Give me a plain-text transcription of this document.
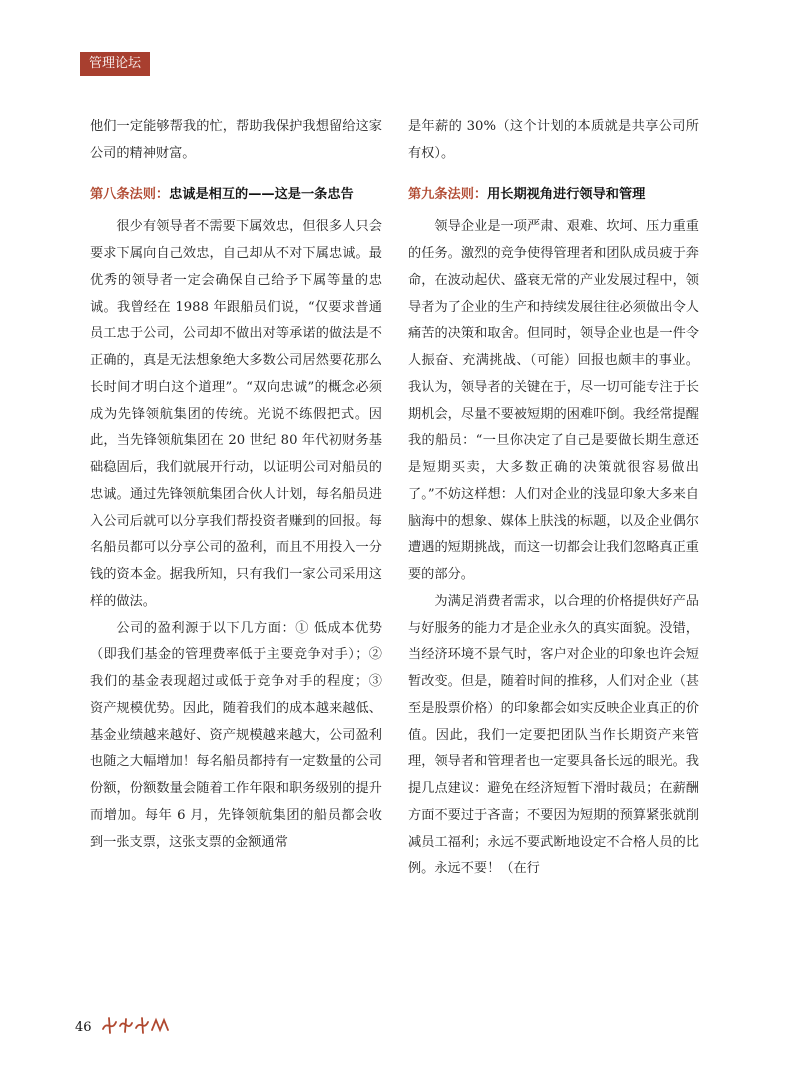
管理论坛

他们一定能够帮我的忙，帮助我保护我想留给这家公司的精神财富。

第八条法则：忠诚是相互的——这是一条忠告

很少有领导者不需要下属效忠，但很多人只会要求下属向自己效忠，自己却从不对下属忠诚。最优秀的领导者一定会确保自己给予下属等量的忠诚。我曾经在 1988 年跟船员们说，“仅要求普通员工忠于公司，公司却不做出对等承诺的做法是不正确的，真是无法想象绝大多数公司居然要花那么长时间才明白这个道理”。“双向忠诚”的概念必须成为先锋领航集团的传统。光说不练假把式。因此，当先锋领航集团在 20 世纪 80 年代初财务基础稳固后，我们就展开行动，以证明公司对船员的忠诚。通过先锋领航集团合伙人计划，每名船员进入公司后就可以分享我们帮投资者赚到的回报。每名船员都可以分享公司的盈利，而且不用投入一分钱的资本金。据我所知，只有我们一家公司采用这样的做法。

公司的盈利源于以下几方面：① 低成本优势（即我们基金的管理费率低于主要竞争对手）；② 我们的基金表现超过或低于竞争对手的程度；③ 资产规模优势。因此，随着我们的成本越来越低、基金业绩越来越好、资产规模越来越大，公司盈利也随之大幅增加！每名船员都持有一定数量的公司份额，份额数量会随着工作年限和职务级别的提升而增加。每年 6 月，先锋领航集团的船员都会收到一张支票，这张支票的金额通常

是年薪的 30%（这个计划的本质就是共享公司所有权）。

第九条法则：用长期视角进行领导和管理

领导企业是一项严肃、艰难、坎坷、压力重重的任务。激烈的竞争使得管理者和团队成员疲于奔命，在波动起伏、盛衰无常的产业发展过程中，领导者为了企业的生产和持续发展往往必须做出令人痛苦的决策和取舍。但同时，领导企业也是一件令人振奋、充满挑战、（可能）回报也颇丰的事业。我认为，领导者的关键在于，尽一切可能专注于长期机会，尽量不要被短期的困难吓倒。我经常提醒我的船员：“一旦你决定了自己是要做长期生意还是短期买卖，大多数正确的决策就很容易做出了。”不妨这样想：人们对企业的浅显印象大多来自脑海中的想象、媒体上肤浅的标题，以及企业偶尔遭遇的短期挑战，而这一切都会让我们忽略真正重要的部分。

为满足消费者需求，以合理的价格提供好产品与好服务的能力才是企业永久的真实面貌。没错，当经济环境不景气时，客户对企业的印象也许会短暂改变。但是，随着时间的推移，人们对企业（甚至是股票价格）的印象都会如实反映企业真正的价值。因此，我们一定要把团队当作长期资产来管理，领导者和管理者也一定要具备长远的眼光。我提几点建议：避免在经济短暂下滑时裁员；在薪酬方面不要过于吝啬；不要因为短期的预算紧张就削减员工福利；永远不要武断地设定不合格人员的比例。永远不要！（在行

46
